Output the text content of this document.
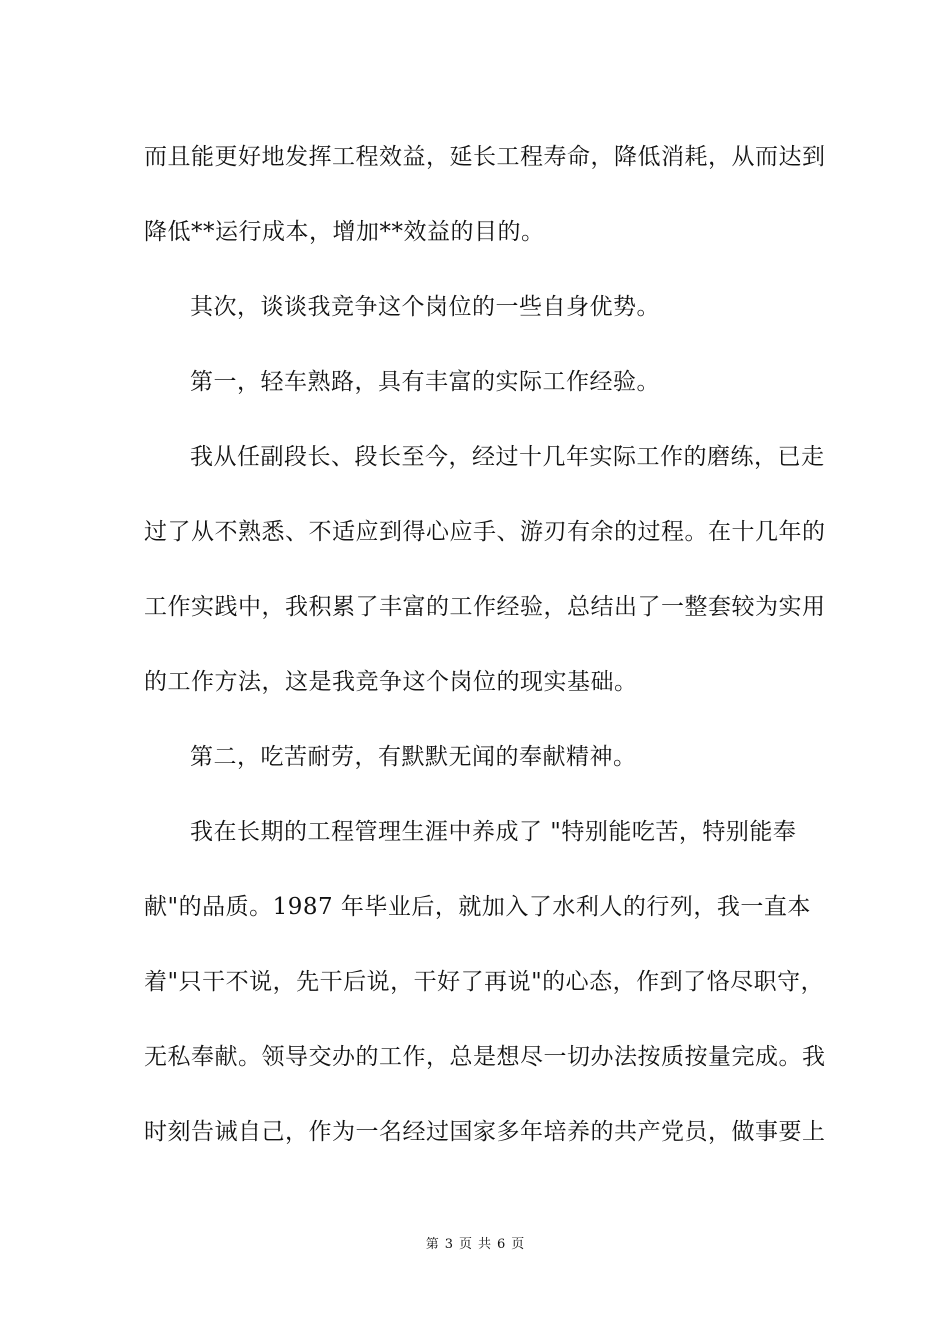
而且能更好地发挥工程效益，延长工程寿命，降低消耗，从而达到
降低**运行成本，增加**效益的目的。
其次，谈谈我竞争这个岗位的一些自身优势。
第一，轻车熟路，具有丰富的实际工作经验。
我从任副段长、段长至今，经过十几年实际工作的磨练，已走
过了从不熟悉、不适应到得心应手、游刃有余的过程。在十几年的
工作实践中，我积累了丰富的工作经验，总结出了一整套较为实用
的工作方法，这是我竞争这个岗位的现实基础。
第二，吃苦耐劳，有默默无闻的奉献精神。
我在长期的工程管理生涯中养成了 "特别能吃苦，特别能奉
献"的品质。1987 年毕业后，就加入了水利人的行列，我一直本
着"只干不说，先干后说，干好了再说"的心态，作到了恪尽职守，
无私奉献。领导交办的工作，总是想尽一切办法按质按量完成。我
时刻告诫自己，作为一名经过国家多年培养的共产党员，做事要上
第 3 页 共 6 页
